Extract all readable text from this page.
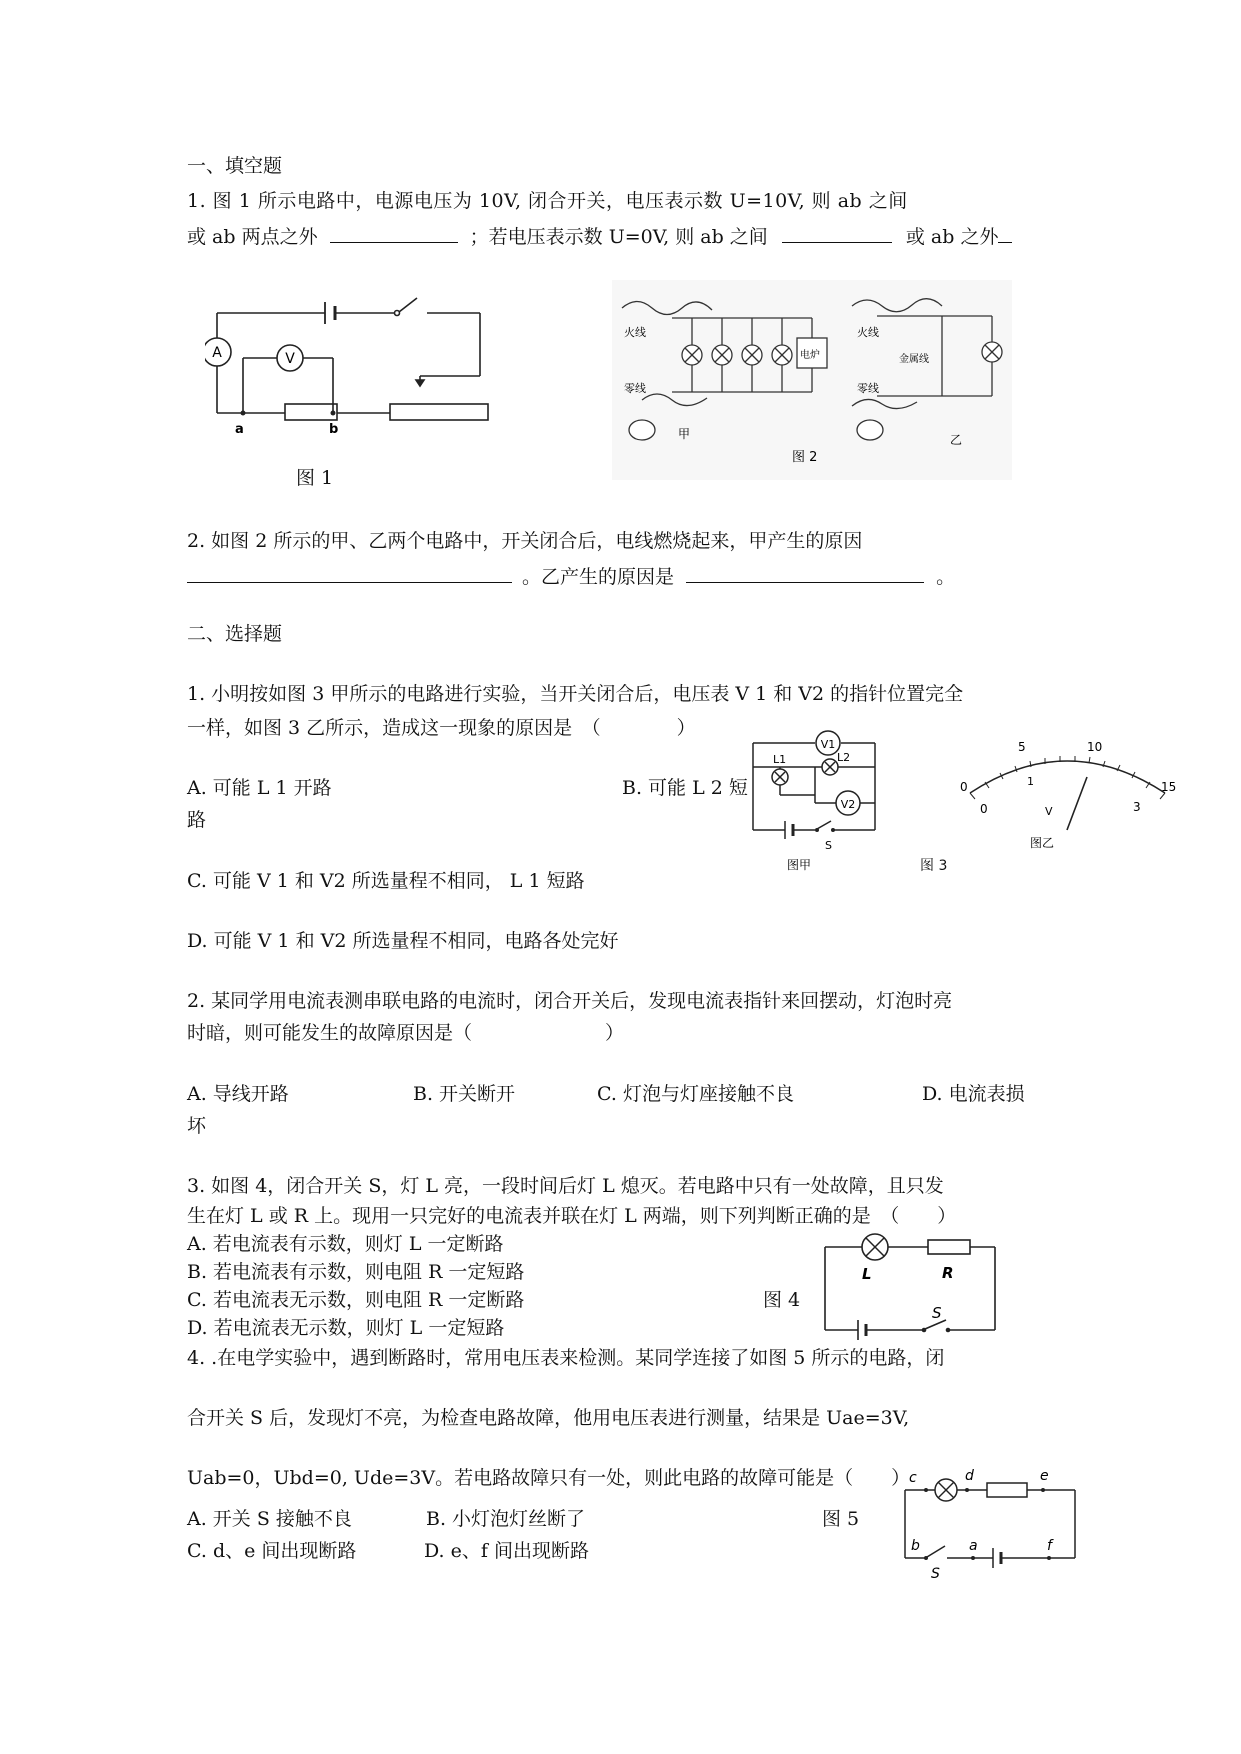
一、填空题
1. 图 1 所示电路中，电源电压为 10V, 闭合开关，电压表示数 U=10V, 则 ab 之间
或 ab 两点之外	；若电压表示数 U=0V, 则 ab 之间	或 ab 之外
A	V
a	b
图 1
火线
零线
电炉
甲
火线
零线
金属线
乙
图 2
2. 如图 2 所示的甲、乙两个电路中，开关闭合后，电线燃烧起来，甲产生的原因
。乙产生的原因是	。
二、选择题
1. 小明按如图 3 甲所示的电路进行实验，当开关闭合后，电压表 V 1 和 V2 的指针位置完全
一样，如图 3 乙所示，造成这一现象的原因是　（　　　　）
A. 可能 L 1 开路	B. 可能 L 2 短
路
C. 可能 V 1 和 V2 所选量程不相同， L 1 短路
D. 可能 V 1 和 V2 所选量程不相同，电路各处完好
V1
V2
L1	L2
S
图甲	图 3
0
5	10
15
0
1
3
V
图乙
2. 某同学用电流表测串联电路的电流时，闭合开关后，发现电流表指针来回摆动，灯泡时亮
时暗，则可能发生的故障原因是（　　　　　　　）
A. 导线开路	B. 开关断开	C. 灯泡与灯座接触不良	D. 电流表损
坏
3. 如图 4，闭合开关 S，灯 L 亮，一段时间后灯 L 熄灭。若电路中只有一处故障，且只发
生在灯 L 或 R 上。现用一只完好的电流表并联在灯 L 两端，则下列判断正确的是　（　　）
A. 若电流表有示数，则灯 L 一定断路
B. 若电流表有示数，则电阻 R 一定短路
C. 若电流表无示数，则电阻 R 一定断路
D. 若电流表无示数，则灯 L 一定短路
图 4
L	R
S
4. .在电学实验中，遇到断路时，常用电压表来检测。某同学连接了如图 5 所示的电路，闭
合开关 S 后，发现灯不亮，为检查电路故障，他用电压表进行测量，结果是 Uae=3V,
Uab=0，Ubd=0, Ude=3V。若电路故障只有一处，则此电路的故障可能是（　　）
A. 开关 S 接触不良	B. 小灯泡灯丝断了
C. d、e 间出现断路	D. e、f 间出现断路
图 5
c	d	e
b	a	f
S
